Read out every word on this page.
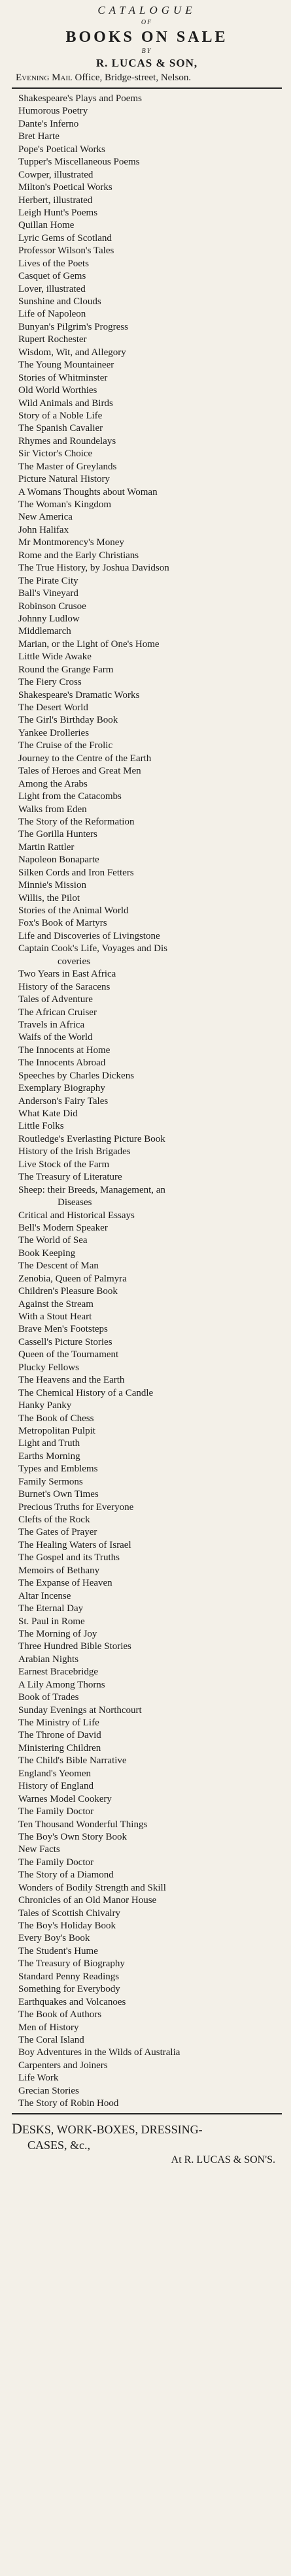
CATALOGUE
OF
BOOKS ON SALE
BY
R. LUCAS & SON,
Evening Mail Office, Bridge-street, Nelson.
Shakespeare's Plays and Poems
Humorous Poetry
Dante's Inferno
Bret Harte
Pope's Poetical Works
Tupper's Miscellaneous Poems
Cowper, illustrated
Milton's Poetical Works
Herbert, illustrated
Leigh Hunt's Poems
Quillan Home
Lyric Gems of Scotland
Professor Wilson's Tales
Lives of the Poets
Casquet of Gems
Lover, illustrated
Sunshine and Clouds
Life of Napoleon
Bunyan's Pilgrim's Progress
Rupert Rochester
Wisdom, Wit, and Allegory
The Young Mountaineer
Stories of Whitminster
Old World Worthies
Wild Animals and Birds
Story of a Noble Life
The Spanish Cavalier
Rhymes and Roundelays
Sir Victor's Choice
The Master of Greylands
Picture Natural History
A Womans Thoughts about Woman
The Woman's Kingdom
New America
John Halifax
Mr Montmorency's Money
Rome and the Early Christians
The True History, by Joshua Davidson
The Pirate City
Ball's Vineyard
Robinson Crusoe
Johnny Ludlow
Middlemarch
Marian, or the Light of One's Home
Little Wide Awake
Round the Grange Farm
The Fiery Cross
Shakespeare's Dramatic Works
The Desert World
The Girl's Birthday Book
Yankee Drolleries
The Cruise of the Frolic
Journey to the Centre of the Earth
Tales of Heroes and Great Men
Among the Arabs
Light from the Catacombs
Walks from Eden
The Story of the Reformation
The Gorilla Hunters
Martin Rattler
Napoleon Bonaparte
Silken Cords and Iron Fetters
Minnie's Mission
Willis, the Pilot
Stories of the Animal World
Fox's Book of Martyrs
Life and Discoveries of Livingstone
Captain Cook's Life, Voyages and Dis
coveries
Two Years in East Africa
History of the Saracens
Tales of Adventure
The African Cruiser
Travels in Africa
Waifs of the World
The Innocents at Home
The Innocents Abroad
Speeches by Charles Dickens
Exemplary Biography
Anderson's Fairy Tales
What Kate Did
Little Folks
Routledge's Everlasting Picture Book
History of the Irish Brigades
Live Stock of the Farm
The Treasury of Literature
Sheep: their Breeds, Management, an
Diseases
Critical and Historical Essays
Bell's Modern Speaker
The World of Sea
Book Keeping
The Descent of Man
Zenobia, Queen of Palmyra
Children's Pleasure Book
Against the Stream
With a Stout Heart
Brave Men's Footsteps
Cassell's Picture Stories
Queen of the Tournament
Plucky Fellows
The Heavens and the Earth
The Chemical History of a Candle
Hanky Panky
The Book of Chess
Metropolitan Pulpit
Light and Truth
Earths Morning
Types and Emblems
Family Sermons
Burnet's Own Times
Precious Truths for Everyone
Clefts of the Rock
The Gates of Prayer
The Healing Waters of Israel
The Gospel and its Truths
Memoirs of Bethany
The Expanse of Heaven
Altar Incense
The Eternal Day
St. Paul in Rome
The Morning of Joy
Three Hundred Bible Stories
Arabian Nights
Earnest Bracebridge
A Lily Among Thorns
Book of Trades
Sunday Evenings at Northcourt
The Ministry of Life
The Throne of David
Ministering Children
The Child's Bible Narrative
England's Yeomen
History of England
Warnes Model Cookery
The Family Doctor
Ten Thousand Wonderful Things
The Boy's Own Story Book
New Facts
The Family Doctor
The Story of a Diamond
Wonders of Bodily Strength and Skill
Chronicles of an Old Manor House
Tales of Scottish Chivalry
The Boy's Holiday Book
Every Boy's Book
The Student's Hume
The Treasury of Biography
Standard Penny Readings
Something for Everybody
Earthquakes and Volcanoes
The Book of Authors
Men of History
The Coral Island
Boy Adventures in the Wilds of Australia
Carpenters and Joiners
Life Work
Grecian Stories
The Story of Robin Hood
DESKS, WORK-BOXES, DRESSING-
CASES, &c.,
At R. LUCAS & SON'S.
